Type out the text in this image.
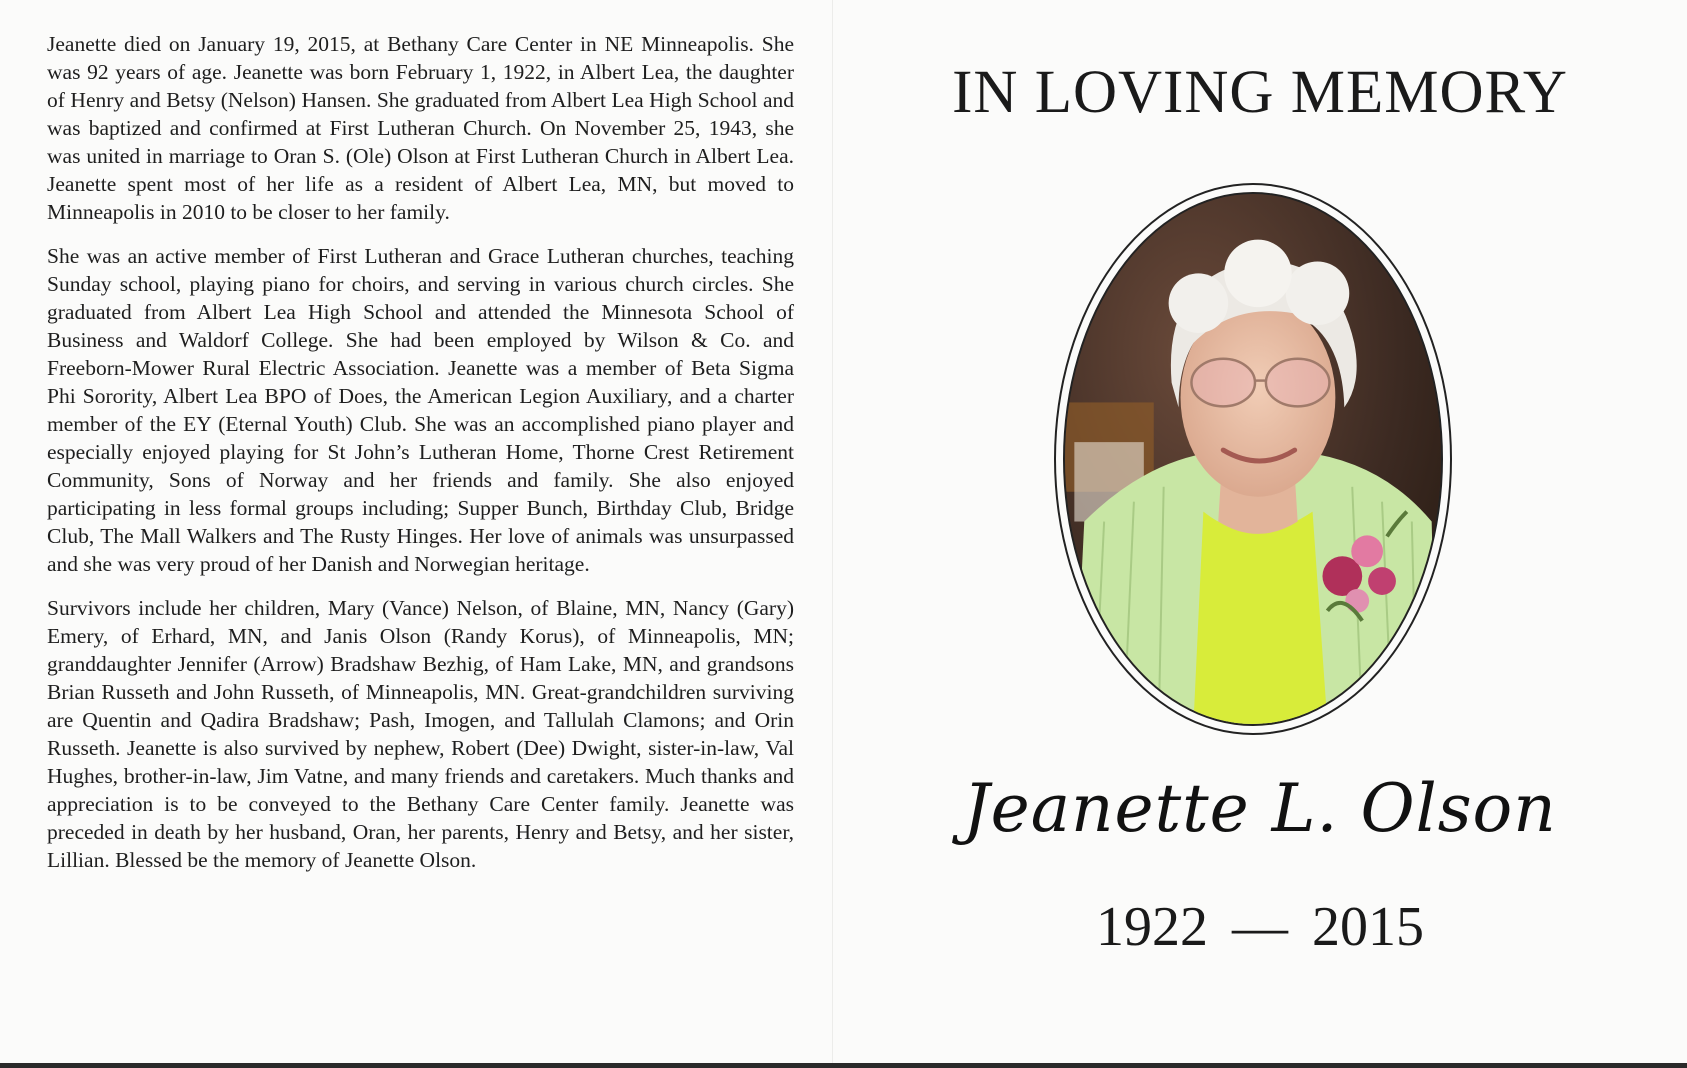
Jeanette died on January 19, 2015, at Bethany Care Center in NE Minneapolis. She was 92 years of age. Jeanette was born February 1, 1922, in Albert Lea, the daughter of Henry and Betsy (Nelson) Hansen. She graduated from Albert Lea High School and was baptized and confirmed at First Lutheran Church. On November 25, 1943, she was united in marriage to Oran S. (Ole) Olson at First Lutheran Church in Albert Lea. Jeanette spent most of her life as a resident of Albert Lea, MN, but moved to Minneapolis in 2010 to be closer to her family.

She was an active member of First Lutheran and Grace Lutheran churches, teaching Sunday school, playing piano for choirs, and serving in various church circles. She graduated from Albert Lea High School and attended the Minnesota School of Business and Waldorf College. She had been employed by Wilson & Co. and Freeborn-Mower Rural Electric Association. Jeanette was a member of Beta Sigma Phi Sorority, Albert Lea BPO of Does, the American Legion Auxiliary, and a charter member of the EY (Eternal Youth) Club. She was an accomplished piano player and especially enjoyed playing for St John’s Lutheran Home, Thorne Crest Retirement Community, Sons of Norway and her friends and family. She also enjoyed participating in less formal groups including; Supper Bunch, Birthday Club, Bridge Club, The Mall Walkers and The Rusty Hinges. Her love of animals was unsurpassed and she was very proud of her Danish and Norwegian heritage.

Survivors include her children, Mary (Vance) Nelson, of Blaine, MN, Nancy (Gary) Emery, of Erhard, MN, and Janis Olson (Randy Korus), of Minneapolis, MN; granddaughter Jennifer (Arrow) Bradshaw Bezhig, of Ham Lake, MN, and grandsons Brian Russeth and John Russeth, of Minneapolis, MN. Great-grandchildren surviving are Quentin and Qadira Bradshaw; Pash, Imogen, and Tallulah Clamons; and Orin Russeth. Jeanette is also survived by nephew, Robert (Dee) Dwight, sister-in-law, Val Hughes, brother-in-law, Jim Vatne, and many friends and caretakers. Much thanks and appreciation is to be conveyed to the Bethany Care Center family. Jeanette was preceded in death by her husband, Oran, her parents, Henry and Betsy, and her sister, Lillian. Blessed be the memory of Jeanette Olson.

IN LOVING MEMORY
Jeanette L. Olson
1922 — 2015
